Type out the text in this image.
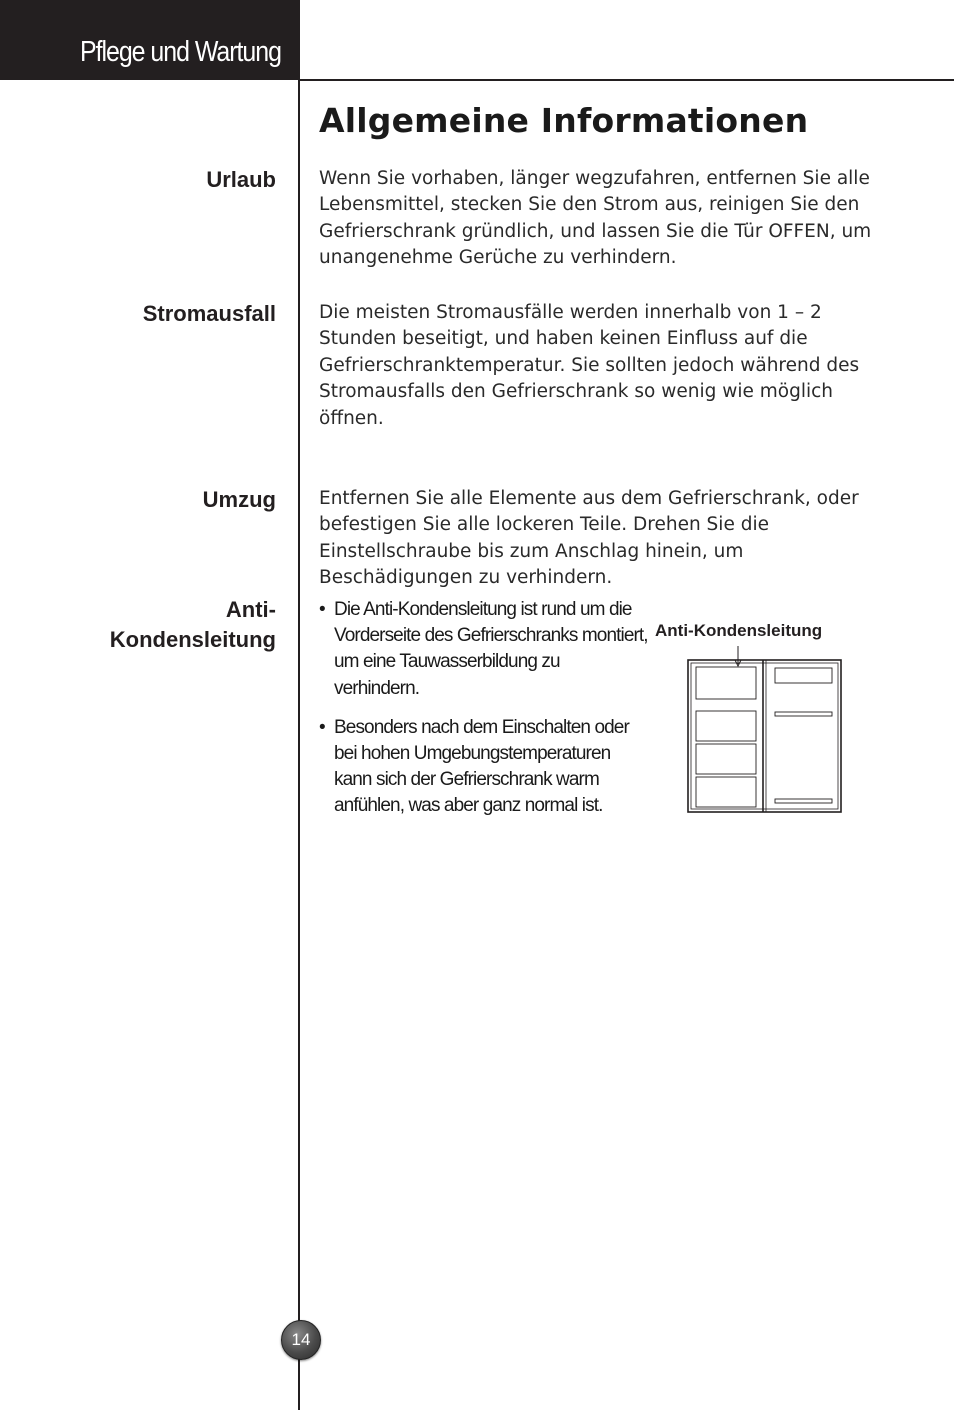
Pflege und Wartung
Allgemeine Informationen
Urlaub Wenn Sie vorhaben, länger wegzufahren, entfernen Sie alle Lebensmittel, stecken Sie den Strom aus, reinigen Sie den Gefrierschrank gründlich, und lassen Sie die Tür OFFEN, um unangenehme Gerüche zu verhindern.

Stromausfall Die meisten Stromausfälle werden innerhalb von 1 – 2 Stunden beseitigt, und haben keinen Einfluss auf die Gefrierschranktemperatur. Sie sollten jedoch während des Stromausfalls den Gefrierschrank so wenig wie möglich öffnen.

Umzug Entfernen Sie alle Elemente aus dem Gefrierschrank, oder befestigen Sie alle lockeren Teile. Drehen Sie die Einstellschraube bis zum Anschlag hinein, um Beschädigungen zu verhindern.

Anti-
Kondensleitung
• Die Anti-Kondensleitung ist rund um die Vorderseite des Gefrierschranks montiert, um eine Tauwasserbildung zu verhindern.
• Besonders nach dem Einschalten oder bei hohen Umgebungstemperaturen kann sich der Gefrierschrank warm anfühlen, was aber ganz normal ist.
Anti-Kondensleitung
14
